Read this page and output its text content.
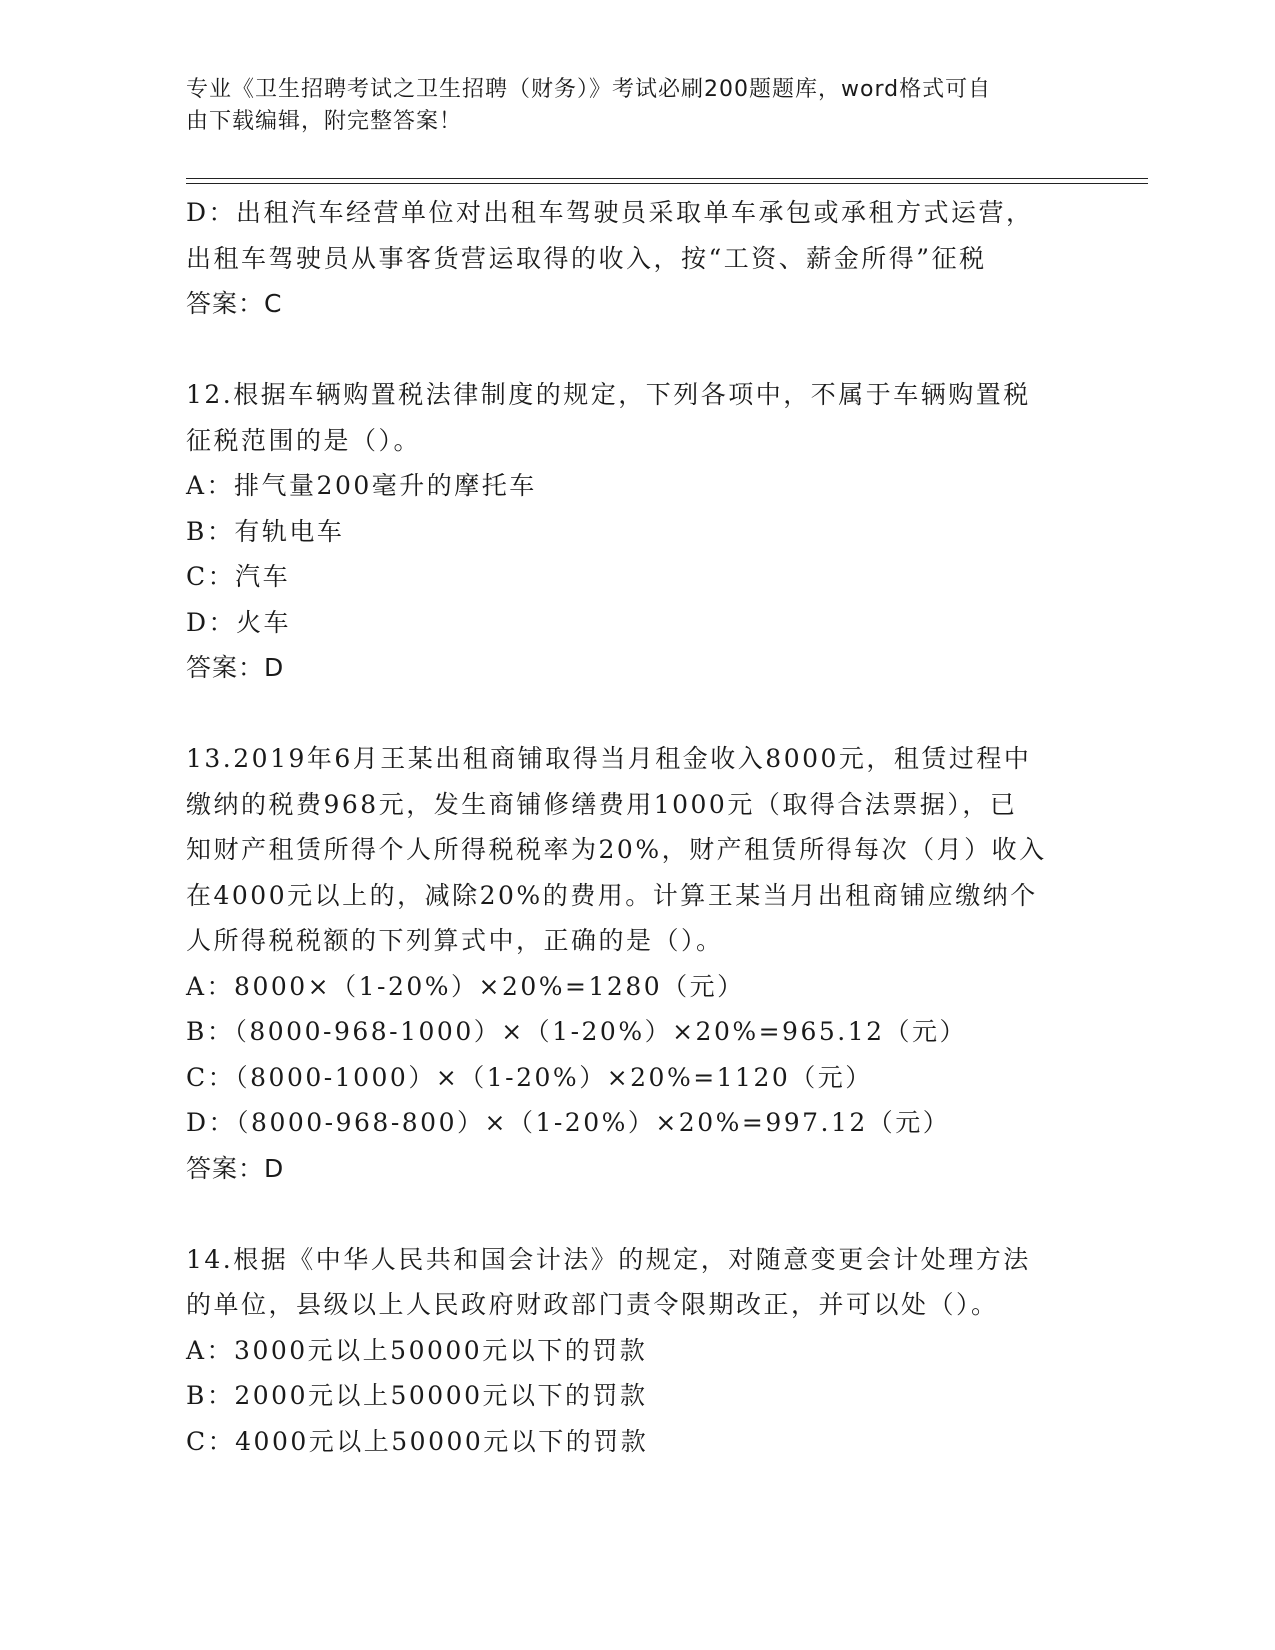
专业《卫生招聘考试之卫生招聘（财务）》考试必刷200题题库，word格式可自
由下载编辑，附完整答案！
D：出租汽车经营单位对出租车驾驶员采取单车承包或承租方式运营，
出租车驾驶员从事客货营运取得的收入，按“工资、薪金所得”征税
答案：C
12.根据车辆购置税法律制度的规定，下列各项中，不属于车辆购置税
征税范围的是（）。
A：排气量200毫升的摩托车
B：有轨电车
C：汽车
D：火车
答案：D
13.2019年6月王某出租商铺取得当月租金收入8000元，租赁过程中
缴纳的税费968元，发生商铺修缮费用1000元（取得合法票据），已
知财产租赁所得个人所得税税率为20%，财产租赁所得每次（月）收入
在4000元以上的，减除20%的费用。计算王某当月出租商铺应缴纳个
人所得税税额的下列算式中，正确的是（）。
A：8000×（1-20%）×20%=1280（元）
B：（8000-968-1000）×（1-20%）×20%=965.12（元）
C：（8000-1000）×（1-20%）×20%=1120（元）
D：（8000-968-800）×（1-20%）×20%=997.12（元）
答案：D
14.根据《中华人民共和国会计法》的规定，对随意变更会计处理方法
的单位，县级以上人民政府财政部门责令限期改正，并可以处（）。
A：3000元以上50000元以下的罚款
B：2000元以上50000元以下的罚款
C：4000元以上50000元以下的罚款
